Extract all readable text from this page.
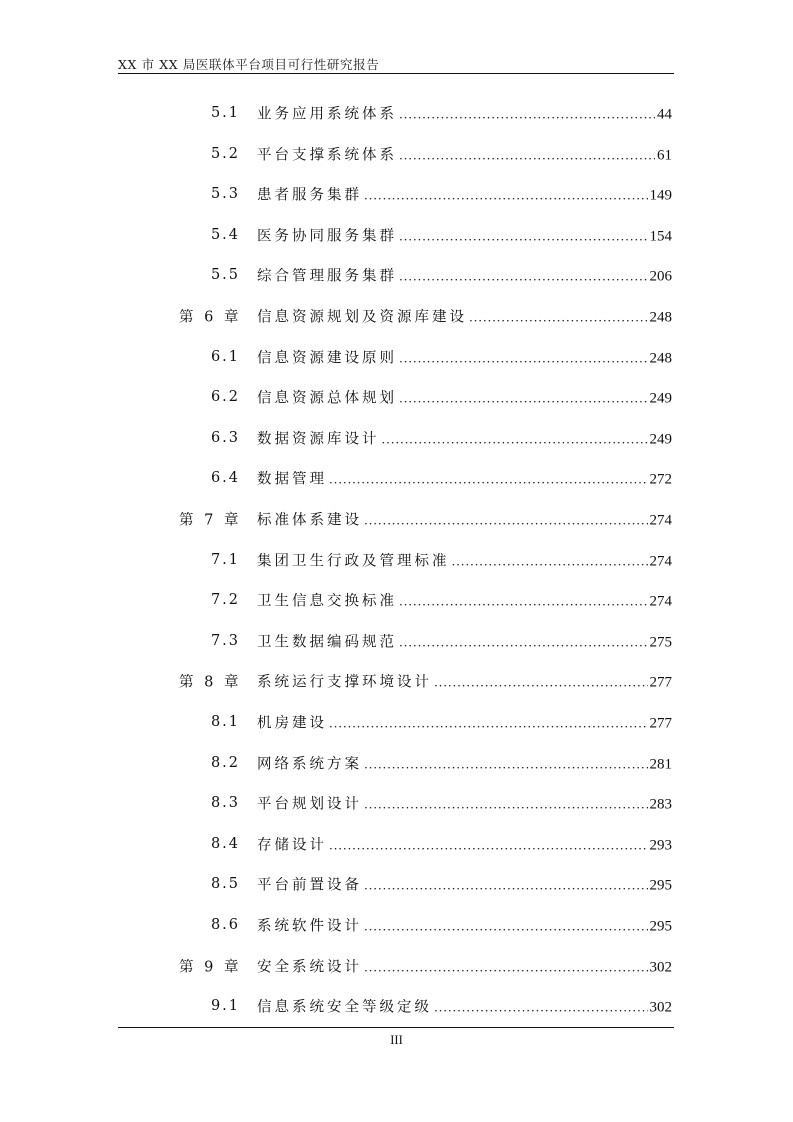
XX 市 XX 局医联体平台项目可行性研究报告
5.1 业务应用系统体系 .....	44
5.2 平台支撑系统体系 .....	61
5.3 患者服务集群 .....	149
5.4 医务协同服务集群 .....	154
5.5 综合管理服务集群 .....	206
第 6 章 信息资源规划及资源库建设 .....	248
6.1 信息资源建设原则 .....	248
6.2 信息资源总体规划 .....	249
6.3 数据资源库设计 .....	249
6.4 数据管理 .....	272
第 7 章 标准体系建设 .....	274
7.1 集团卫生行政及管理标准 .....	274
7.2 卫生信息交换标准 .....	274
7.3 卫生数据编码规范 .....	275
第 8 章 系统运行支撑环境设计 .....	277
8.1 机房建设 .....	277
8.2 网络系统方案 .....	281
8.3 平台规划设计 .....	283
8.4 存储设计 .....	293
8.5 平台前置设备 .....	295
8.6 系统软件设计 .....	295
第 9 章 安全系统设计 .....	302
9.1 信息系统安全等级定级 .....	302
III
